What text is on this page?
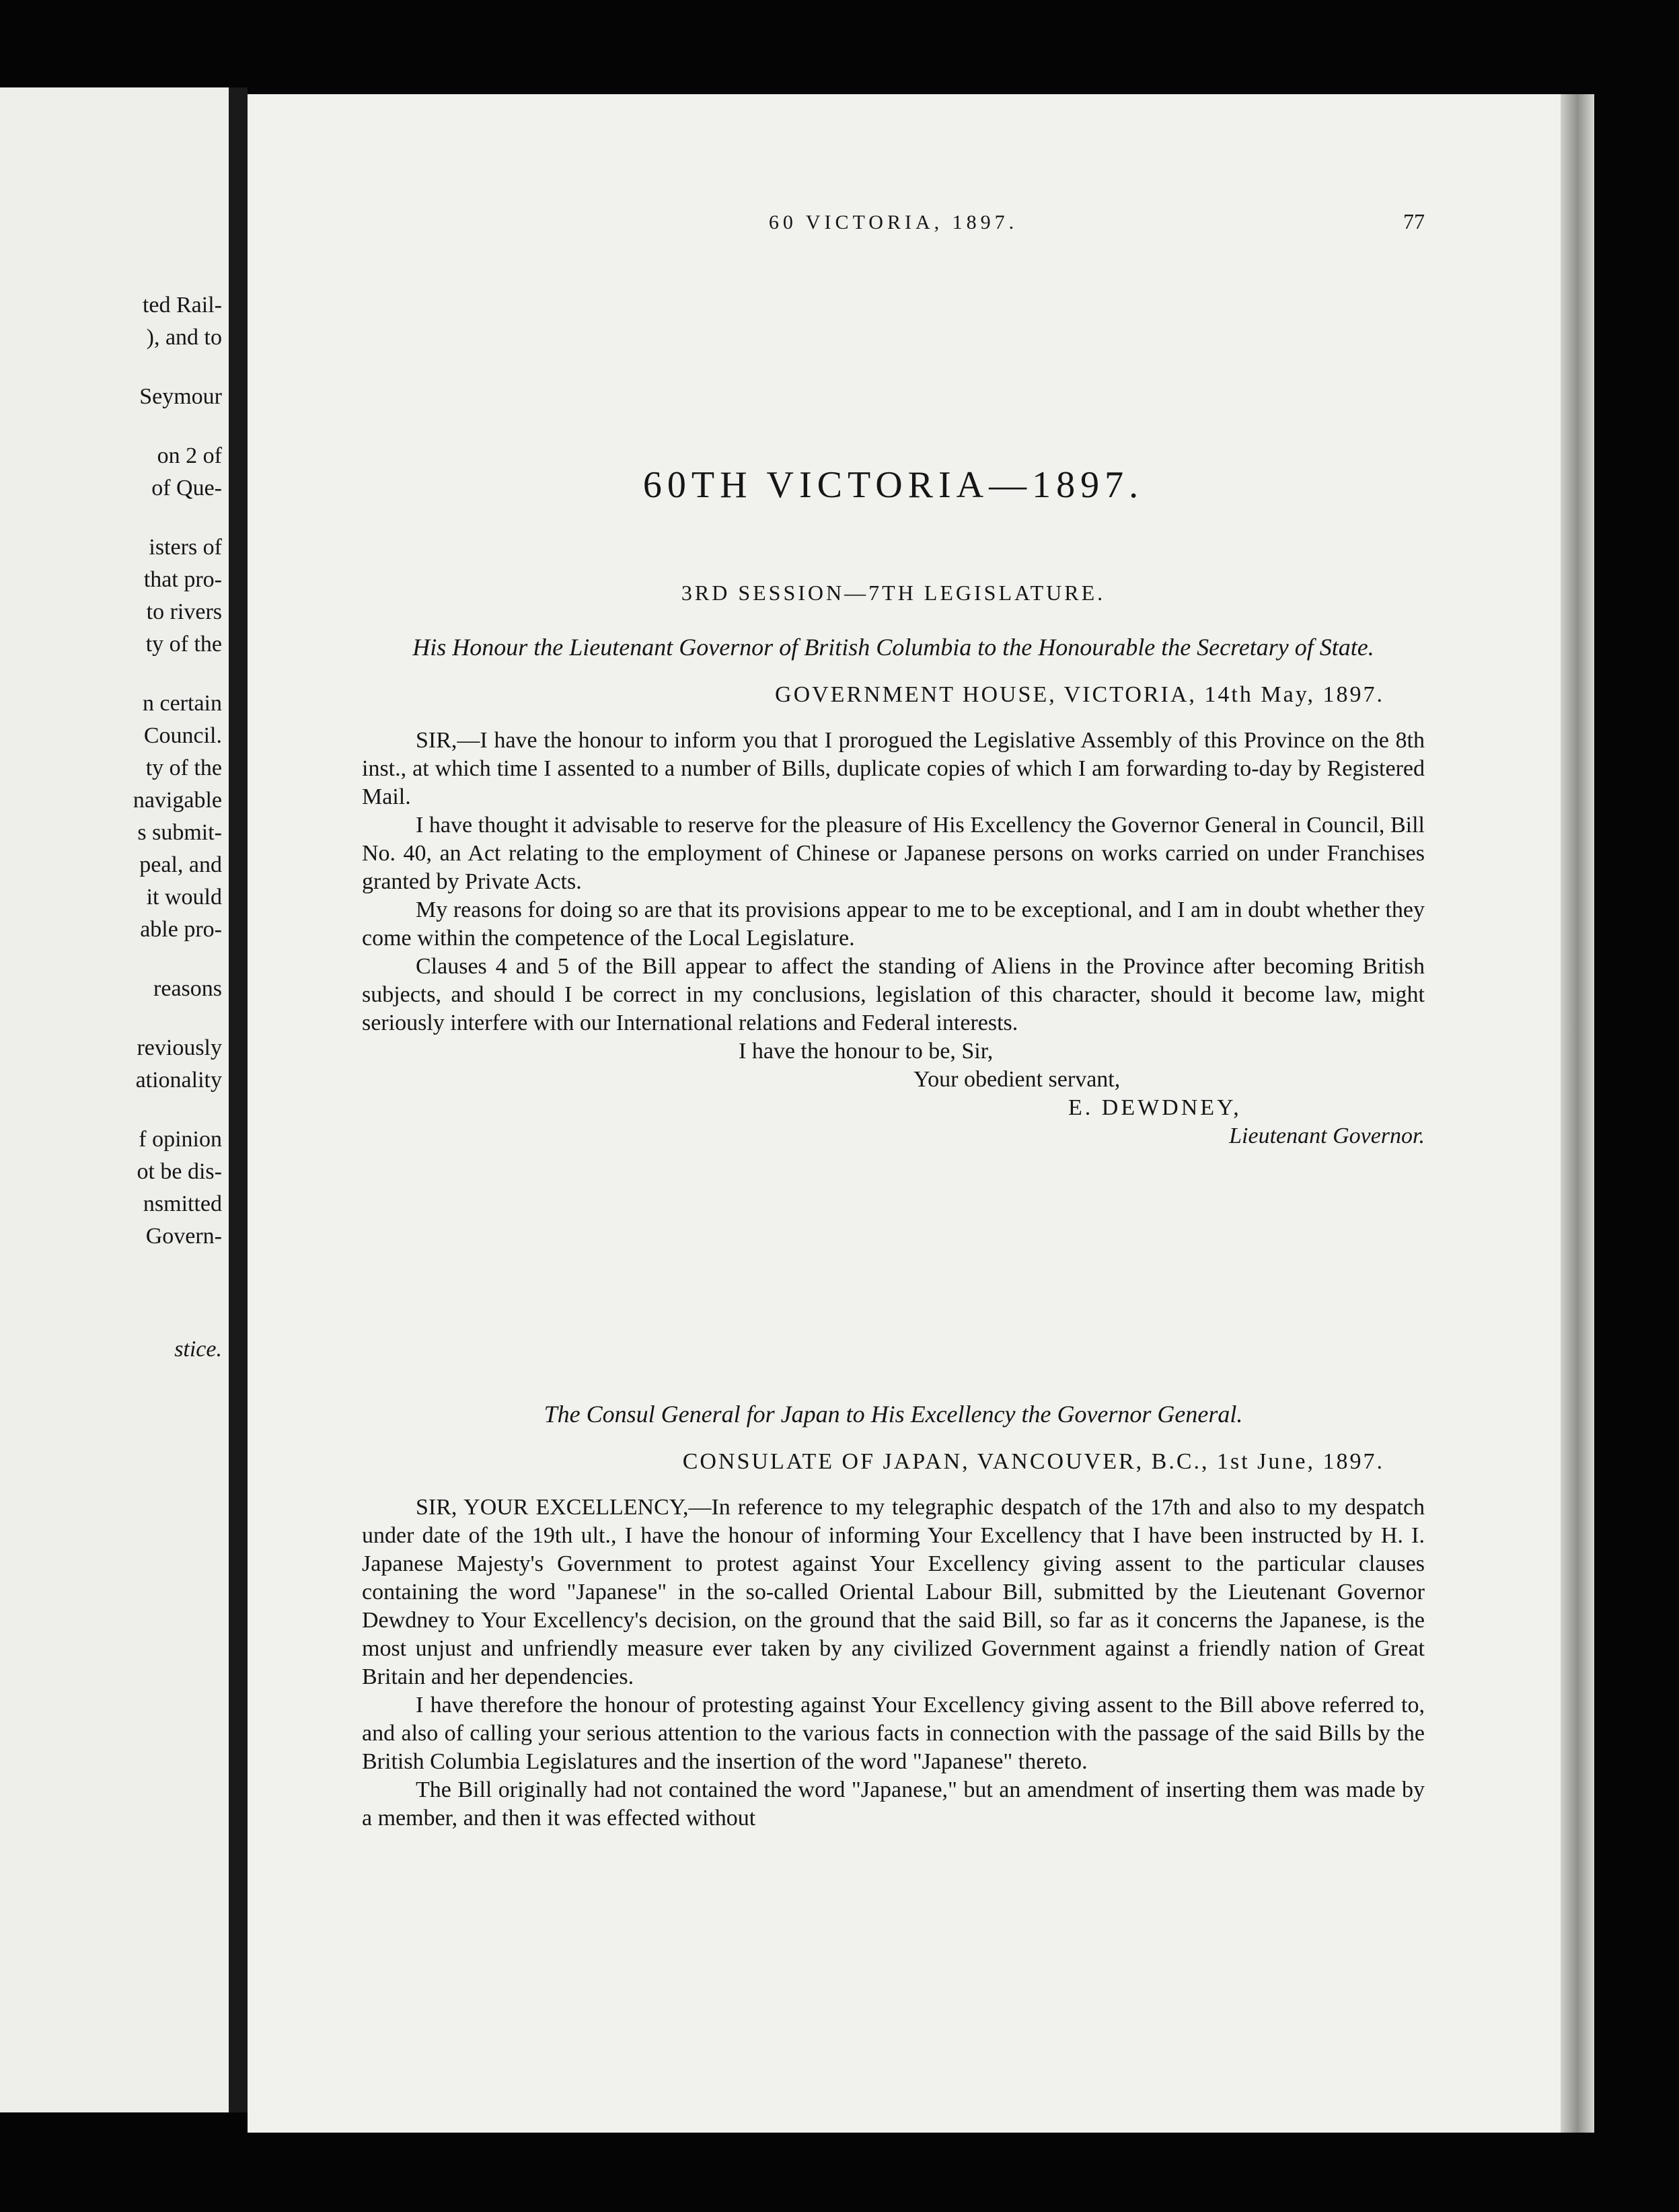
ted Rail-
), and to
Seymour
on 2 of
of Que-
isters of
that pro-
to rivers
ty of the
n certain
Council.
ty of the
navigable
s submit-
peal, and
it would
able pro-
reasons
reviously
ationality
f opinion
ot be dis-
nsmitted
Govern-
stice.
60 VICTORIA, 1897.	77
60TH VICTORIA—1897.
3RD SESSION—7TH LEGISLATURE.
His Honour the Lieutenant Governor of British Columbia to the Honourable the Secretary of State.
GOVERNMENT HOUSE, VICTORIA, 14th May, 1897.

SIR,—I have the honour to inform you that I prorogued the Legislative Assembly of this Province on the 8th inst., at which time I assented to a number of Bills, duplicate copies of which I am forwarding to-day by Registered Mail.

I have thought it advisable to reserve for the pleasure of His Excellency the Governor General in Council, Bill No. 40, an Act relating to the employment of Chinese or Japanese persons on works carried on under Franchises granted by Private Acts.

My reasons for doing so are that its provisions appear to me to be exceptional, and I am in doubt whether they come within the competence of the Local Legislature.

Clauses 4 and 5 of the Bill appear to affect the standing of Aliens in the Province after becoming British subjects, and should I be correct in my conclusions, legislation of this character, should it become law, might seriously interfere with our International relations and Federal interests.

I have the honour to be, Sir,

Your obedient servant,

E. DEWDNEY,

Lieutenant Governor.

The Consul General for Japan to His Excellency the Governor General.
CONSULATE OF JAPAN, VANCOUVER, B.C., 1st June, 1897.

SIR, YOUR EXCELLENCY,—In reference to my telegraphic despatch of the 17th and also to my despatch under date of the 19th ult., I have the honour of informing Your Excellency that I have been instructed by H. I. Japanese Majesty's Government to protest against Your Excellency giving assent to the particular clauses containing the word "Japanese" in the so-called Oriental Labour Bill, submitted by the Lieutenant Governor Dewdney to Your Excellency's decision, on the ground that the said Bill, so far as it concerns the Japanese, is the most unjust and unfriendly measure ever taken by any civilized Government against a friendly nation of Great Britain and her dependencies.

I have therefore the honour of protesting against Your Excellency giving assent to the Bill above referred to, and also of calling your serious attention to the various facts in connection with the passage of the said Bills by the British Columbia Legislatures and the insertion of the word "Japanese" thereto.

The Bill originally had not contained the word "Japanese," but an amendment of inserting them was made by a member, and then it was effected without
